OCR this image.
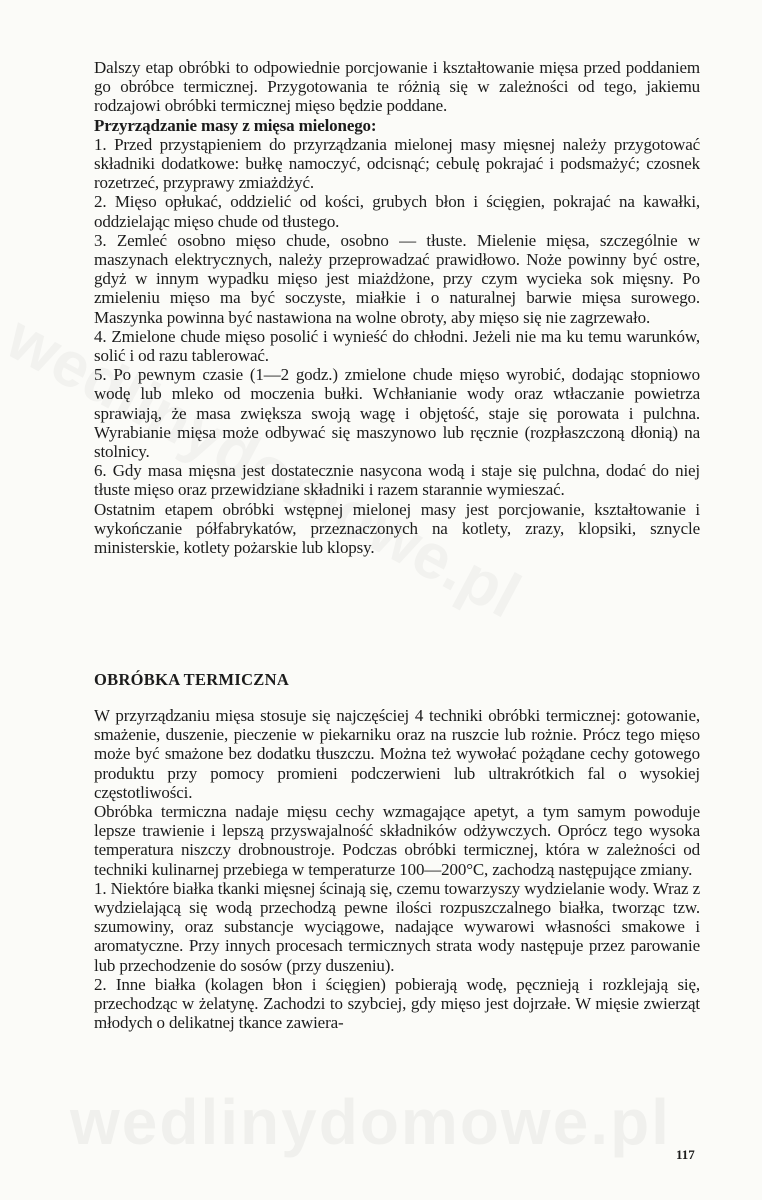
Dalszy etap obróbki to odpowiednie porcjowanie i kształtowanie mięsa przed poddaniem go obróbce termicznej. Przygotowania te różnią się w zależności od tego, jakiemu rodzajowi obróbki termicznej mięso będzie poddane.

Przyrządzanie masy z mięsa mielonego:

1. Przed przystąpieniem do przyrządzania mielonej masy mięsnej należy przygotować składniki dodatkowe: bułkę namoczyć, odcisnąć; cebulę pokrajać i podsmażyć; czosnek rozetrzeć, przyprawy zmiażdżyć.

2. Mięso opłukać, oddzielić od kości, grubych błon i ścięgien, pokrajać na kawałki, oddzielając mięso chude od tłustego.

3. Zemleć osobno mięso chude, osobno — tłuste. Mielenie mięsa, szczególnie w maszynach elektrycznych, należy przeprowadzać prawidłowo. Noże powinny być ostre, gdyż w innym wypadku mięso jest miażdżone, przy czym wycieka sok mięsny. Po zmieleniu mięso ma być soczyste, miałkie i o naturalnej barwie mięsa surowego. Maszynka powinna być nastawiona na wolne obroty, aby mięso się nie zagrzewało.

4. Zmielone chude mięso posolić i wynieść do chłodni. Jeżeli nie ma ku temu warunków, solić i od razu tablerować.

5. Po pewnym czasie (1—2 godz.) zmielone chude mięso wyrobić, dodając stopniowo wodę lub mleko od moczenia bułki. Wchłanianie wody oraz wtłaczanie powietrza sprawiają, że masa zwiększa swoją wagę i objętość, staje się porowata i pulchna. Wyrabianie mięsa może odbywać się maszynowo lub ręcznie (rozpłaszczoną dłonią) na stolnicy.

6. Gdy masa mięsna jest dostatecznie nasycona wodą i staje się pulchna, dodać do niej tłuste mięso oraz przewidziane składniki i razem starannie wymieszać.

Ostatnim etapem obróbki wstępnej mielonej masy jest porcjowanie, kształtowanie i wykończanie półfabrykatów, przeznaczonych na kotlety, zrazy, klopsiki, sznycle ministerskie, kotlety pożarskie lub klopsy.

OBRÓBKA TERMICZNA

W przyrządzaniu mięsa stosuje się najczęściej 4 techniki obróbki termicznej: gotowanie, smażenie, duszenie, pieczenie w piekarniku oraz na ruszcie lub rożnie. Prócz tego mięso może być smażone bez dodatku tłuszczu. Można też wywołać pożądane cechy gotowego produktu przy pomocy promieni podczerwieni lub ultrakrótkich fal o wysokiej częstotliwości.

Obróbka termiczna nadaje mięsu cechy wzmagające apetyt, a tym samym powoduje lepsze trawienie i lepszą przyswajalność składników odżywczych. Oprócz tego wysoka temperatura niszczy drobnoustroje. Podczas obróbki termicznej, która w zależności od techniki kulinarnej przebiega w temperaturze 100—200°C, zachodzą następujące zmiany.

1. Niektóre białka tkanki mięsnej ścinają się, czemu towarzyszy wydzielanie wody. Wraz z wydzielającą się wodą przechodzą pewne ilości rozpuszczalnego białka, tworząc tzw. szumowiny, oraz substancje wyciągowe, nadające wywarowi własności smakowe i aromatyczne. Przy innych procesach termicznych strata wody następuje przez parowanie lub przechodzenie do sosów (przy duszeniu).

2. Inne białka (kolagen błon i ścięgien) pobierają wodę, pęcznieją i rozklejają się, przechodząc w żelatynę. Zachodzi to szybciej, gdy mięso jest dojrzałe. W mięsie zwierząt młodych o delikatnej tkance zawiera-

117
